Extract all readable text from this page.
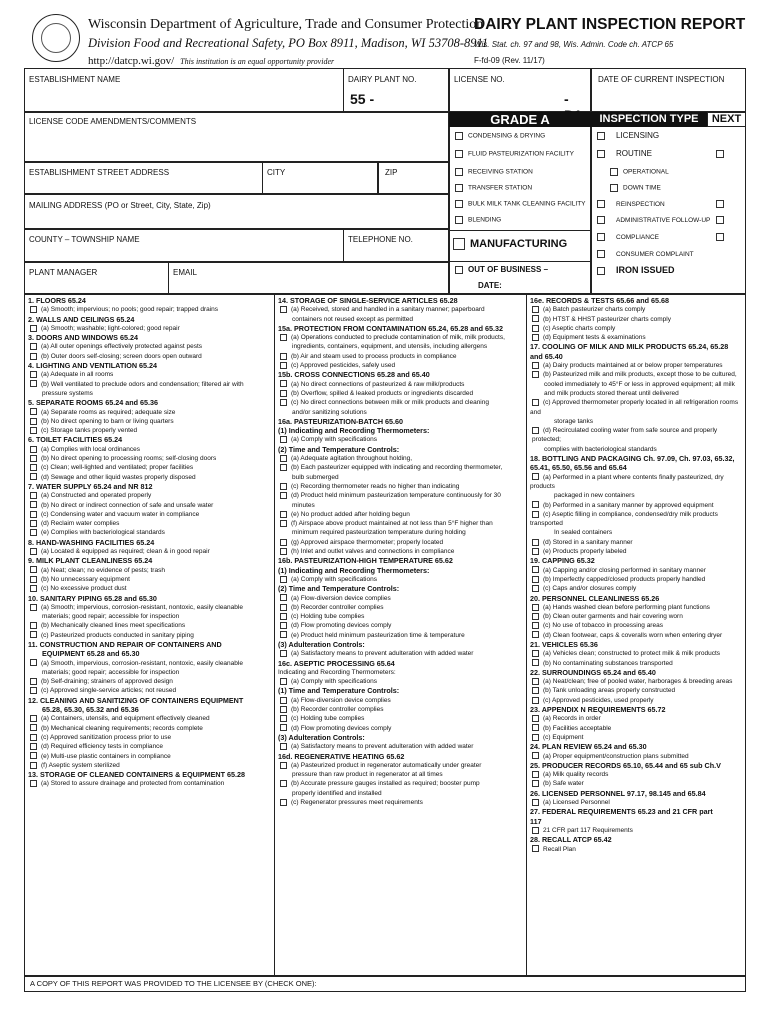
Wisconsin Department of Agriculture, Trade and Consumer Protection
Division Food and Recreational Safety, PO Box 8911, Madison, WI 53708-8911
http://datcp.wi.gov/ This institution is an equal opportunity provider
DAIRY PLANT INSPECTION REPORT
Wis. Stat. ch. 97 and 98, Wis. Admin. Code ch. ATCP 65
F-fd-09 (Rev. 11/17)
ESTABLISHMENT NAME	DAIRY PLANT NO.
55 -
LICENSE NO.
-
DATE OF CURRENT INSPECTION
LICENSE CODE AMENDMENTS/COMMENTS
ESTABLISHMENT STREET ADDRESS	CITY	ZIP
MAILING ADDRESS (PO or Street, City, State, Zip)
COUNTY – TOWNSHIP NAME	TELEPHONE NO.
PLANT MANAGER	EMAIL
GRADE A
CONDENSING & DRYING
FLUID PASTEURIZATION FACILITY
RECEIVING STATION
TRANSFER STATION
BULK MILK TANK CLEANING FACILITY
BLENDING
MANUFACTURING
OUT OF BUSINESS –
DATE:
INSPECTION TYPE	NEXT
LICENSING
ROUTINE
OPERATIONAL
DOWN TIME
REINSPECTION
ADMINISTRATIVE FOLLOW-UP
COMPLIANCE
CONSUMER COMPLAINT
IRON ISSUED
1. FLOORS 65.24
(a) Smooth; impervious; no pools; good repair; trapped drains
2. WALLS AND CEILINGS 65.24
(a) Smooth; washable; light-colored; good repair
3. DOORS AND WINDOWS 65.24
(a) All outer openings effectively protected against pests
(b) Outer doors self-closing; screen doors open outward
4. LIGHTING AND VENTILATION 65.24
(a) Adequate in all rooms
(b) Well ventilated to preclude odors and condensation; filtered air with
pressure systems
5. SEPARATE ROOMS 65.24 and 65.36
(a) Separate rooms as required; adequate size
(b) No direct opening to barn or living quarters
(c) Storage tanks properly vented
6. TOILET FACILITIES 65.24
(a) Complies with local ordinances
(b) No direct opening to processing rooms; self-closing doors
(c) Clean; well-lighted and ventilated; proper facilities
(d) Sewage and other liquid wastes properly disposed
7. WATER SUPPLY 65.24 and NR 812
(a) Constructed and operated properly
(b) No direct or indirect connection of safe and unsafe water
(c) Condensing water and vacuum water in compliance
(d) Reclaim water complies
(e) Complies with bacteriological standards
8. HAND-WASHING FACILITIES 65.24
(a) Located & equipped as required; clean & in good repair
9. MILK PLANT CLEANLINESS 65.24
(a) Neat; clean; no evidence of pests; trash
(b) No unnecessary equipment
(c) No excessive product dust
10. SANITARY PIPING 65.28 and 65.30
(a) Smooth; impervious, corrosion-resistant, nontoxic, easily cleanable
materials; good repair; accessible for inspection
(b) Mechanically cleaned lines meet specifications
(c) Pasteurized products conducted in sanitary piping
11. CONSTRUCTION AND REPAIR OF CONTAINERS AND
EQUIPMENT 65.28 and 65.30
(a) Smooth, impervious, corrosion-resistant, nontoxic, easily cleanable
materials; good repair; accessible for inspection
(b) Self-draining; strainers of approved design
(c) Approved single-service articles; not reused
12. CLEANING AND SANITIZING OF CONTAINERS EQUIPMENT
65.28, 65.30, 65.32 and 65.36
(a) Containers, utensils, and equipment effectively cleaned
(b) Mechanical cleaning requirements; records complete
(c) Approved sanitization process prior to use
(d) Required efficiency tests in compliance
(e) Multi-use plastic containers in compliance
(f) Aseptic system sterilized
13. STORAGE OF CLEANED CONTAINERS & EQUIPMENT 65.28
(a) Stored to assure drainage and protected from contamination
14. STORAGE OF SINGLE-SERVICE ARTICLES 65.28
(a) Received, stored and handled in a sanitary manner; paperboard
containers not reused except as permitted
15a. PROTECTION FROM CONTAMINATION 65.24, 65.28 and 65.32
(a) Operations conducted to preclude contamination of milk, milk products,
ingredients, containers, equipment, and utensils, including allergens
(b) Air and steam used to process products in compliance
(c) Approved pesticides, safely used
15b. CROSS CONNECTIONS 65.28 and 65.40
(a) No direct connections of pasteurized & raw milk/products
(b) Overflow, spilled & leaked products or ingredients discarded
(c) No direct connections between milk or milk products and cleaning
and/or sanitizing solutions
16a. PASTEURIZATION-BATCH 65.60
(1) Indicating and Recording Thermometers:
(a) Comply with specifications
(2) Time and Temperature Controls:
(a) Adequate agitation throughout holding,
(b) Each pasteurizer equipped with indicating and recording thermometer,
bulb submerged
(c) Recording thermometer reads no higher than indicating
(d) Product held minimum pasteurization temperature continuously for 30
minutes
(e) No product added after holding begun
(f) Airspace above product maintained at not less than 5°F higher than
minimum required pasteurization temperature during holding
(g) Approved airspace thermometer; properly located
(h) Inlet and outlet valves and connections in compliance
16b. PASTEURIZATION-HIGH TEMPERATURE 65.62
(1) Indicating and Recording Thermometers:
(a) Comply with specifications
(2) Time and Temperature Controls:
(a) Flow-diversion device complies
(b) Recorder controller complies
(c) Holding tube complies
(d) Flow promoting devices comply
(e) Product held minimum pasteurization time & temperature
(3) Adulteration Controls:
(a) Satisfactory means to prevent adulteration with added water
16c. ASEPTIC PROCESSING 65.64
Indicating and Recording Thermometers:
(a) Comply with specifications
(1) Time and Temperature Controls:
(a) Flow-diversion device complies
(b) Recorder controller complies
(c) Holding tube complies
(d) Flow promoting devices comply
(3) Adulteration Controls:
(a) Satisfactory means to prevent adulteration with added water
16d. REGENERATIVE HEATING 65.62
(a) Pasteurized product in regenerator automatically under greater
pressure than raw product in regenerator at all times
(b) Accurate pressure gauges installed as required; booster pump
properly identified and installed
(c) Regenerator pressures meet requirements
16e. RECORDS & TESTS 65.66 and 65.68
(a) Batch pasteurizer charts comply
(b) HTST & HHST pasteurizer charts comply
(c) Aseptic charts comply
(d) Equipment tests & examinations
17. COOLING OF MILK AND MILK PRODUCTS 65.24, 65.28
and 65.40
(a) Dairy products maintained at or below proper temperatures
(b) Pasteurized milk and milk products, except those to be cultured,
cooled immediately to 45°F or less in approved equipment; all milk
and milk products stored thereat until delivered
(c) Approved thermometer properly located in all refrigeration rooms
and
storage tanks
(d) Recirculated cooling water from safe source and properly protected;
complies with bacteriological standards
18. BOTTLING AND PACKAGING Ch. 97.09, Ch. 97.03, 65.32,
65.41, 65.50, 65.56 and 65.64
(a) Performed in a plant where contents finally pasteurized, dry
products
packaged in new containers
(b) Performed in a sanitary manner by approved equipment
(c) Aseptic filling in compliance, condensed/dry milk products
transported
In sealed containers
(d) Stored in a sanitary manner
(e) Products properly labeled
19. CAPPING 65.32
(a) Capping and/or closing performed in sanitary manner
(b) Imperfectly capped/closed products properly handled
(c) Caps and/or closures comply
20. PERSONNEL CLEANLINESS 65.26
(a) Hands washed clean before performing plant functions
(b) Clean outer garments and hair covering worn
(c) No use of tobacco in processing areas
(d) Clean footwear, caps & coveralls worn when entering dryer
21. VEHICLES 65.36
(a) Vehicles clean; constructed to protect milk & milk products
(b) No contaminating substances transported
22. SURROUNDINGS 65.24 and 65.40
(a) Neat/clean; free of pooled water, harborages & breeding areas
(b) Tank unloading areas properly constructed
(c) Approved pesticides, used properly
23. APPENDIX N REQUIREMENTS 65.72
(a) Records in order
(b) Facilities acceptable
(c) Equipment
24. PLAN REVIEW 65.24 and 65.30
(a) Proper equipment/construction plans submitted
25. PRODUCER RECORDS 65.10, 65.44 and 65 sub Ch.V
(a) Milk quality records
(b) Safe water
26. LICENSED PERSONNEL 97.17, 98.145 and 65.84
(a) Licensed Personnel
27. FEDERAL REQUIREMENTS 65.23 and 21 CFR part
117
21 CFR part 117 Requirements
28. RECALL ATCP 65.42
Recall Plan
A COPY OF THIS REPORT WAS PROVIDED TO THE LICENSEE BY (CHECK ONE):
